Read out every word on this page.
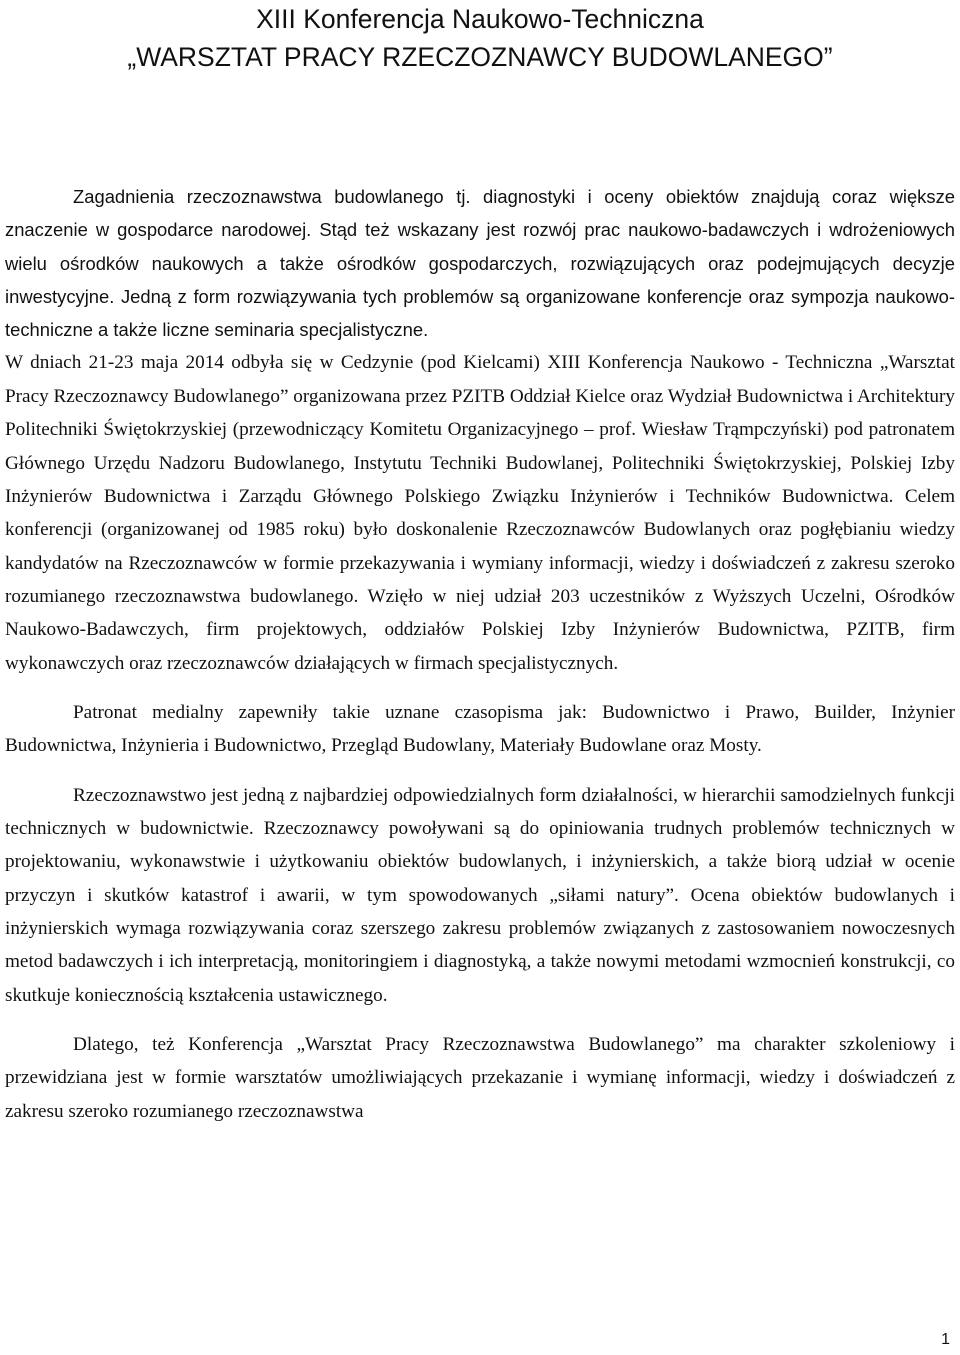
XIII Konferencja Naukowo-Techniczna
„WARSZTAT PRACY RZECZOZNAWCY BUDOWLANEGO”

Zagadnienia rzeczoznawstwa budowlanego tj. diagnostyki i oceny obiektów znajdują coraz większe znaczenie w gospodarce narodowej. Stąd też wskazany jest rozwój prac naukowo-badawczych i wdrożeniowych wielu ośrodków naukowych a także ośrodków gospodarczych, rozwiązujących oraz podejmujących decyzje inwestycyjne. Jedną z form rozwiązywania tych problemów są organizowane konferencje oraz sympozja naukowo-techniczne a także liczne seminaria specjalistyczne.

W dniach 21-23 maja 2014 odbyła się w Cedzynie (pod Kielcami) XIII Konferencja Naukowo - Techniczna „Warsztat Pracy Rzeczoznawcy Budowlanego” organizowana przez PZITB Oddział Kielce oraz Wydział Budownictwa i Architektury Politechniki Świętokrzyskiej (przewodniczący Komitetu Organizacyjnego – prof. Wiesław Trąmpczyński) pod patronatem Głównego Urzędu Nadzoru Budowlanego, Instytutu Techniki Budowlanej, Politechniki Świętokrzyskiej, Polskiej Izby Inżynierów Budownictwa i Zarządu Głównego Polskiego Związku Inżynierów i Techników Budownictwa. Celem konferencji (organizowanej od 1985 roku) było doskonalenie Rzeczoznawców Budowlanych oraz pogłębianiu wiedzy kandydatów na Rzeczoznawców w formie przekazywania i wymiany informacji, wiedzy i doświadczeń z zakresu szeroko rozumianego rzeczoznawstwa budowlanego. Wzięło w niej udział 203 uczestników z Wyższych Uczelni, Ośrodków Naukowo-Badawczych, firm projektowych, oddziałów Polskiej Izby Inżynierów Budownictwa, PZITB, firm wykonawczych oraz rzeczoznawców działających w firmach specjalistycznych.

Patronat medialny zapewniły takie uznane czasopisma jak: Budownictwo i Prawo, Builder, Inżynier Budownictwa, Inżynieria i Budownictwo, Przegląd Budowlany, Materiały Budowlane oraz Mosty.

Rzeczoznawstwo jest jedną z najbardziej odpowiedzialnych form działalności, w hierarchii samodzielnych funkcji technicznych w budownictwie. Rzeczoznawcy powoływani są do opiniowania trudnych problemów technicznych w projektowaniu, wykonawstwie i użytkowaniu obiektów budowlanych, i inżynierskich, a także biorą udział w ocenie przyczyn i skutków katastrof i awarii, w tym spowodowanych „siłami natury”. Ocena obiektów budowlanych i inżynierskich wymaga rozwiązywania coraz szerszego zakresu problemów związanych z zastosowaniem nowoczesnych metod badawczych i ich interpretacją, monitoringiem i diagnostyką, a także nowymi metodami wzmocnień konstrukcji, co skutkuje koniecznością kształcenia ustawicznego.

Dlatego, też Konferencja „Warsztat Pracy Rzeczoznawstwa Budowlanego” ma charakter szkoleniowy i przewidziana jest w formie warsztatów umożliwiających przekazanie i wymianę informacji, wiedzy i doświadczeń z zakresu szeroko rozumianego rzeczoznawstwa

1
